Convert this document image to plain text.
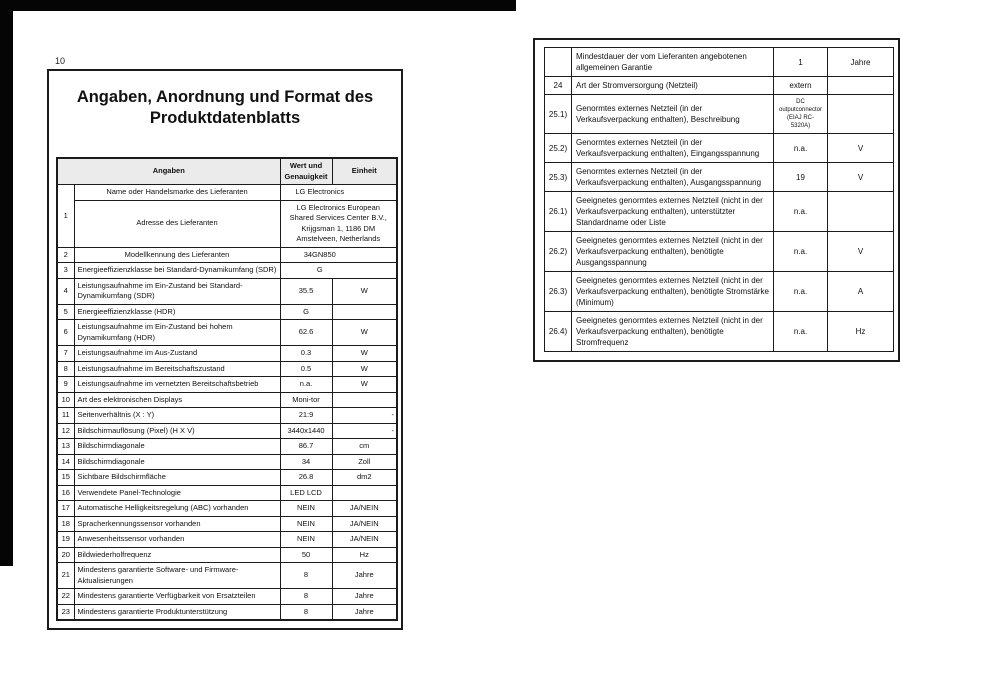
10
Angaben, Anordnung und Format des
Produktdatenblatts
Angaben		Wert und Genauigkeit	Einheit
1	Name oder Handelsmarke des Lieferanten	LG Electronics	
	Adresse des Lieferanten	LG Electronics European Shared Services Center B.V., Krijgsman 1, 1186 DM Amstelveen, Netherlands	
2	Modellkennung des Lieferanten	34GN850	
3	Energieeffizienzklasse bei Standard-Dynamikumfang (SDR)	G	
4	Leistungsaufnahme im Ein-Zustand bei Standard-Dynamikumfang (SDR)	35.5	W
5	Energieeffizienzklasse (HDR)	G	
6	Leistungsaufnahme im Ein-Zustand bei hohem Dynamikumfang (HDR)	62.6	W
7	Leistungsaufnahme im Aus-Zustand	0.3	W
8	Leistungsaufnahme im Bereitschaftszustand	0.5	W
9	Leistungsaufnahme im vernetzten Bereitschaftsbetrieb	n.a.	W
10	Art des elektronischen Displays	Moni-tor	
11	Seitenverhältnis (X : Y)	21:9	-
12	Bildschirmauflösung (Pixel) (H X V)	3440x1440	-
13	Bildschirmdiagonale	86.7	cm
14	Bildschirmdiagonale	34	Zoll
15	Sichtbare Bildschirmfläche	26.8	dm2
16	Verwendete Panel-Technologie	LED LCD	
17	Automatische Helligkeitsregelung (ABC) vorhanden	NEIN	JA/NEIN
18	Spracherkennungssensor vorhanden	NEIN	JA/NEIN
19	Anwesenheitssensor vorhanden	NEIN	JA/NEIN
20	Bildwiederholfrequenz	50	Hz
21	Mindestens garantierte Software- und Firmware-Aktualisierungen	8	Jahre
22	Mindestens garantierte Verfügbarkeit von Ersatzteilen	8	Jahre
23	Mindestens garantierte Produktunterstützung	8	Jahre
	Mindestdauer der vom Lieferanten angebotenen allgemeinen Garantie	1	Jahre
24	Art der Stromversorgung (Netzteil)	extern	
25.1)	Genormtes externes Netzteil (in der Verkaufsverpackung enthalten), Beschreibung	DC outputconnector (EIAJ RC-5320A)	
25.2)	Genormtes externes Netzteil (in der Verkaufsverpackung enthalten), Eingangsspannung	n.a.	V
25.3)	Genormtes externes Netzteil (in der Verkaufsverpackung enthalten), Ausgangsspannung	19	V
26.1)	Geeignetes genormtes externes Netzteil (nicht in der Verkaufsverpackung enthalten), unterstützter Standardname oder Liste	n.a.	
26.2)	Geeignetes genormtes externes Netzteil (nicht in der Verkaufsverpackung enthalten), benötigte Ausgangsspannung	n.a.	V
26.3)	Geeignetes genormtes externes Netzteil (nicht in der Verkaufsverpackung enthalten), benötigte Stromstärke (Minimum)	n.a.	A
26.4)	Geeignetes genormtes externes Netzteil (nicht in der Verkaufsverpackung enthalten), benötigte Stromfrequenz	n.a.	Hz
